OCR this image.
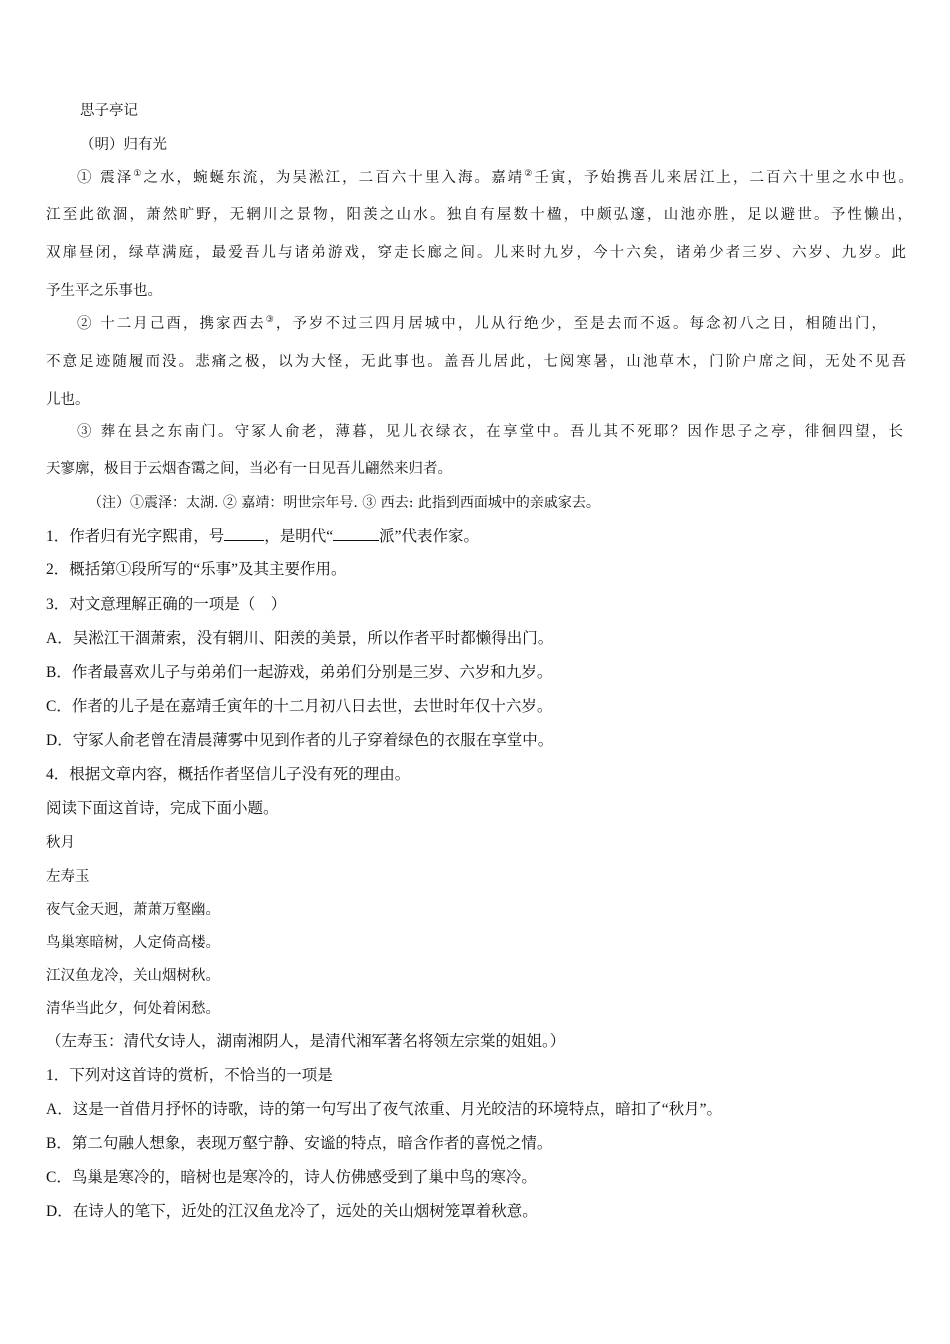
思子亭记

（明）归有光

① 震泽①之水，蜿蜒东流，为吴淞江，二百六十里入海。嘉靖②壬寅，予始携吾儿来居江上，二百六十里之水中也。

江至此欲涸，萧然旷野，无辋川之景物，阳羡之山水。独自有屋数十楹，中颇弘邃，山池亦胜，足以避世。予性懒出，

双扉昼闭，绿草满庭，最爱吾儿与诸弟游戏，穿走长廊之间。儿来时九岁，今十六矣，诸弟少者三岁、六岁、九岁。此

予生平之乐事也。

② 十二月己酉，携家西去③，予岁不过三四月居城中，儿从行绝少，至是去而不返。每念初八之日，相随出门，

不意足迹随履而没。悲痛之极，以为大怪，无此事也。盖吾儿居此，七阅寒暑，山池草木，门阶户席之间，无处不见吾

儿也。

③ 葬在县之东南门。守冢人俞老，薄暮，见儿衣绿衣，在享堂中。吾儿其不死耶？因作思子之亭，徘徊四望，长

天寥廓，极目于云烟杳霭之间，当必有一日见吾儿翩然来归者。

（注）①震泽：太湖. ② 嘉靖：明世宗年号. ③ 西去: 此指到西面城中的亲戚家去。

1．作者归有光字熙甫，号	，是明代“	派”代表作家。

2．概括第①段所写的“乐事”及其主要作用。

3．对文意理解正确的一项是（　）

A．吴淞江干涸萧索，没有辋川、阳羡的美景，所以作者平时都懒得出门。

B．作者最喜欢儿子与弟弟们一起游戏，弟弟们分别是三岁、六岁和九岁。

C．作者的儿子是在嘉靖壬寅年的十二月初八日去世，去世时年仅十六岁。

D．守冢人俞老曾在清晨薄雾中见到作者的儿子穿着绿色的衣服在享堂中。

4．根据文章内容，概括作者坚信儿子没有死的理由。

阅读下面这首诗，完成下面小题。

秋月

左寿玉

夜气金天迥，萧萧万壑幽。

鸟巢寒暗树，人定倚高楼。

江汉鱼龙冷，关山烟树秋。

清华当此夕，何处着闲愁。

（左寿玉：清代女诗人，湖南湘阴人，是清代湘军著名将领左宗棠的姐姐。）

1．下列对这首诗的赏析，不恰当的一项是

A．这是一首借月抒怀的诗歌，诗的第一句写出了夜气浓重、月光皎洁的环境特点，暗扣了“秋月”。

B．第二句融人想象，表现万壑宁静、安谧的特点，暗含作者的喜悦之情。

C．鸟巢是寒冷的，暗树也是寒冷的，诗人仿佛感受到了巢中鸟的寒冷。

D．在诗人的笔下，近处的江汉鱼龙冷了，远处的关山烟树笼罩着秋意。
